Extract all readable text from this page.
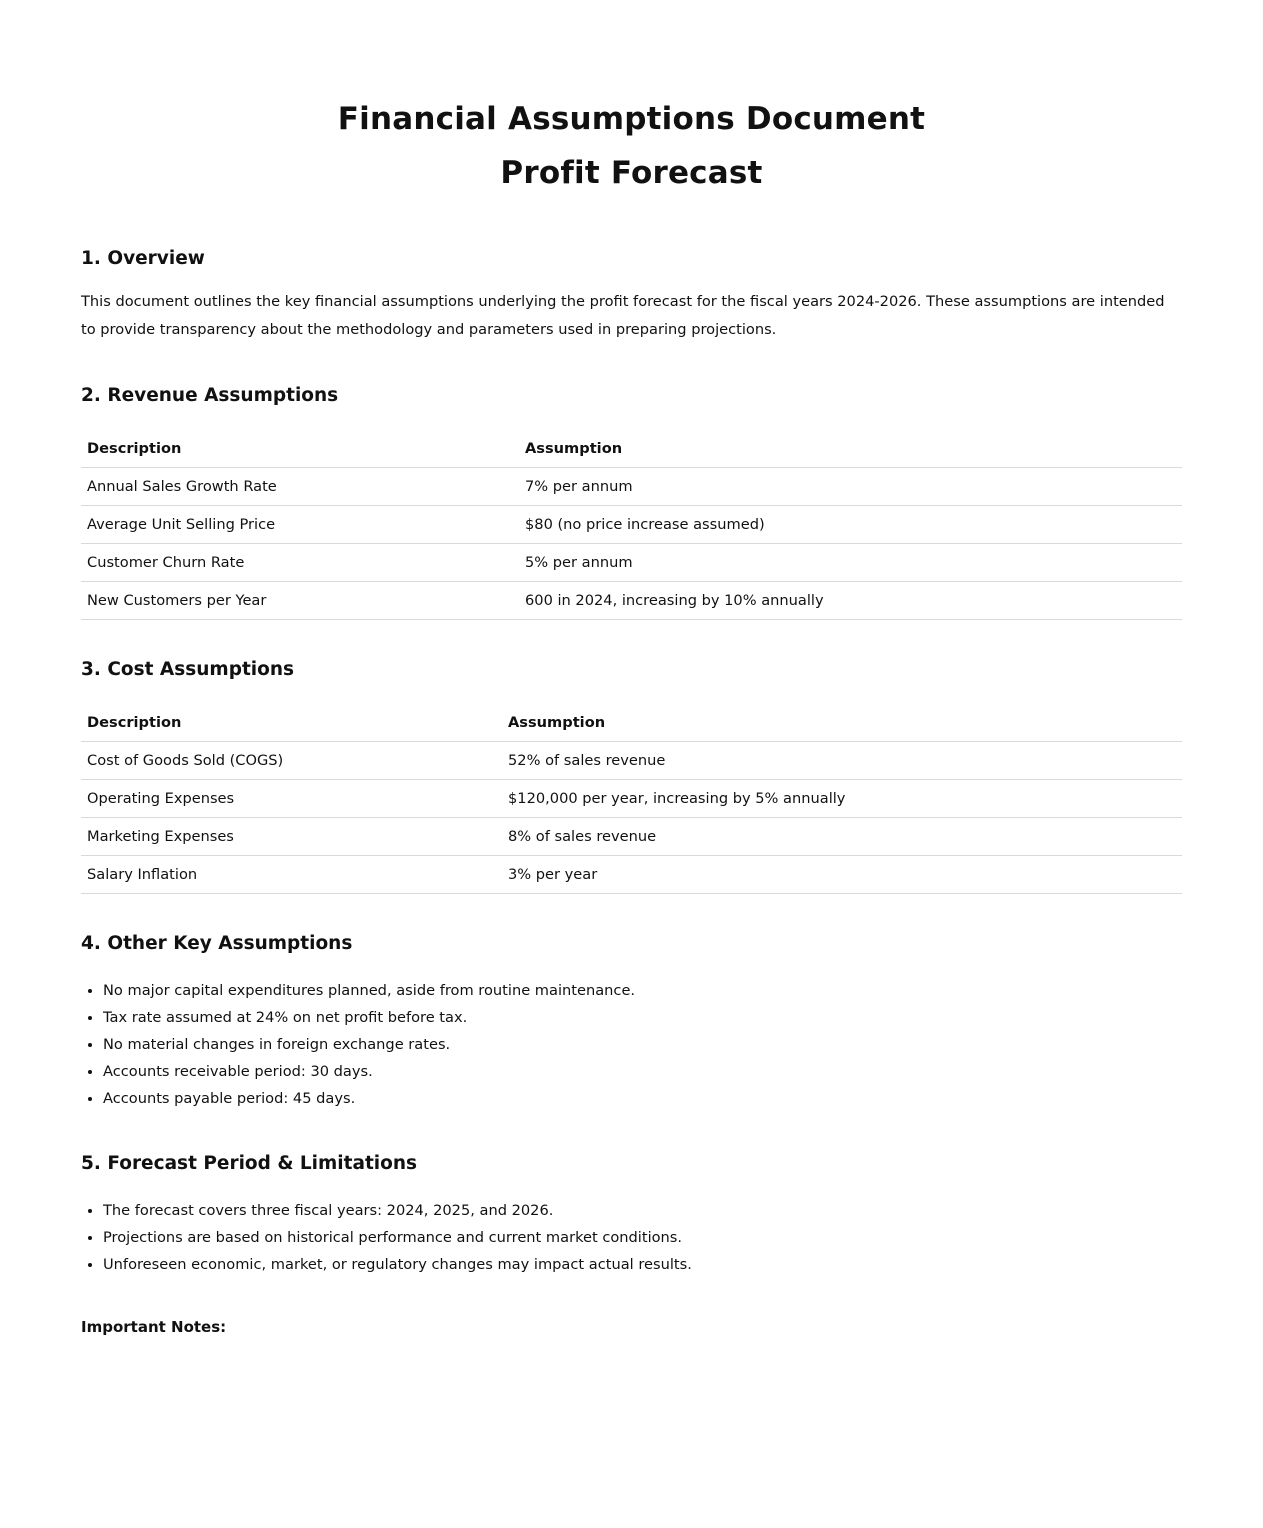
Financial Assumptions Document
Profit Forecast
1. Overview

This document outlines the key financial assumptions underlying the profit forecast for the fiscal years 2024-2026. These assumptions are intended to provide transparency about the methodology and parameters used in preparing projections.

2. Revenue Assumptions
Description	Assumption
Annual Sales Growth Rate	7% per annum
Average Unit Selling Price	$80 (no price increase assumed)
Customer Churn Rate	5% per annum
New Customers per Year	600 in 2024, increasing by 10% annually
3. Cost Assumptions
Description	Assumption
Cost of Goods Sold (COGS)	52% of sales revenue
Operating Expenses	$120,000 per year, increasing by 5% annually
Marketing Expenses	8% of sales revenue
Salary Inflation	3% per year
4. Other Key Assumptions
• No major capital expenditures planned, aside from routine maintenance.
• Tax rate assumed at 24% on net profit before tax.
• No material changes in foreign exchange rates.
• Accounts receivable period: 30 days.
• Accounts payable period: 45 days.
5. Forecast Period & Limitations
• The forecast covers three fiscal years: 2024, 2025, and 2026.
• Projections are based on historical performance and current market conditions.
• Unforeseen economic, market, or regulatory changes may impact actual results.
Important Notes:
